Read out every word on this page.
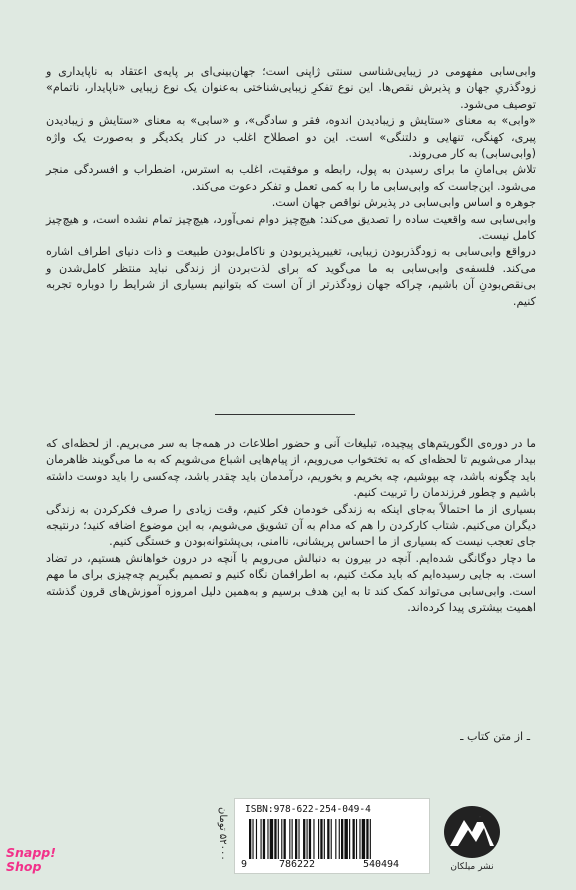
وابی‌سابی مفهومی در زیبایی‌شناسی سنتی ژاپنی است؛ جهان‌بینی‌ای بر پایه‌ی اعتقاد به ناپایداری و زودگذریِ جهان و پذیرش نقص‌ها. این نوع تفکرِ زیبایی‌شناختی به‌عنوان یک نوع زیبایی «ناپایدار، ناتمام» توصیف می‌شود.

«وابی» به معنای «ستایش و زیبادیدن اندوه، فقر و سادگی»، و «سابی» به معنای «ستایش و زیبادیدن پیری، کهنگی، تنهایی و دلتنگی» است. این دو اصطلاح اغلب در کنار یکدیگر و به‌صورت یک واژه (وابی‌سابی) به کار می‌روند.

تلاش بی‌امانِ ما برای رسیدن به پول، رابطه و موفقیت، اغلب به استرس، اضطراب و افسردگی منجر می‌شود. این‌جاست که وابی‌سابی ما را به کمی تعمل و تفکر دعوت می‌کند.

جوهره و اساس وابی‌سابی در پذیرش نواقص جهان است.

وابی‌سابی سه واقعیت ساده را تصدیق می‌کند: هیچ‌چیز دوام نمی‌آورد، هیچ‌چیز تمام نشده است، و هیچ‌چیز کامل نیست.

درواقع وابی‌سابی به زودگذربودن زیبایی، تغییرپذیربودن و ناکامل‌بودن طبیعت و ذات دنیای اطراف اشاره می‌کند. فلسفه‌ی وابی‌سابی به ما می‌گوید که برای لذت‌بردن از زندگی نباید منتظر کامل‌شدن و بی‌نقص‌بودنِ آن باشیم، چراکه جهان زودگذرتر از آن است که بتوانیم بسیاری از شرایط را دوباره تجربه کنیم.

ما در دوره‌ی الگوریتم‌های پیچیده، تبلیغات آنی و حضور اطلاعات در همه‌جا به سر می‌بریم. از لحظه‌ای که بیدار می‌شویم تا لحظه‌ای که به تختخواب می‌رویم، از پیام‌هایی اشباع می‌شویم که به ما می‌گویند ظاهرمان باید چگونه باشد، چه بپوشیم، چه بخریم و بخوریم، درآمدمان باید چقدر باشد، چه‌کسی را باید دوست داشته باشیم و چطور فرزندمان را تربیت کنیم.

بسیاری از ما احتمالاً به‌جای اینکه به زندگی خودمان فکر کنیم، وقت زیادی را صرف فکرکردن به زندگی دیگران می‌کنیم. شتاب کارکردن را هم که مدام به آن تشویق می‌شویم، به این موضوع اضافه کنید؛ درنتیجه جای تعجب نیست که بسیاری از ما احساس پریشانی، ناامنی، بی‌پشتوانه‌بودن و خستگی کنیم.

ما دچار دوگانگی شده‌ایم. آنچه در بیرون به دنبالش می‌رویم با آنچه در درون خواهانش هستیم، در تضاد است. به جایی رسیده‌ایم که باید مکث کنیم، به اطرافمان نگاه کنیم و تصمیم بگیریم چه‌چیزی برای ما مهم است. وابی‌سابی می‌تواند کمک کند تا به این هدف برسیم و به‌همین دلیل امروزه آموزش‌های قرون گذشته اهمیت بیشتری پیدا کرده‌اند.

ـ از متن کتاب ـ
۵۲۰۰۰ تومان
ISBN:978-622-254-049-4
9	786222	540494	نشر میلکان
Snapp!
Shop
